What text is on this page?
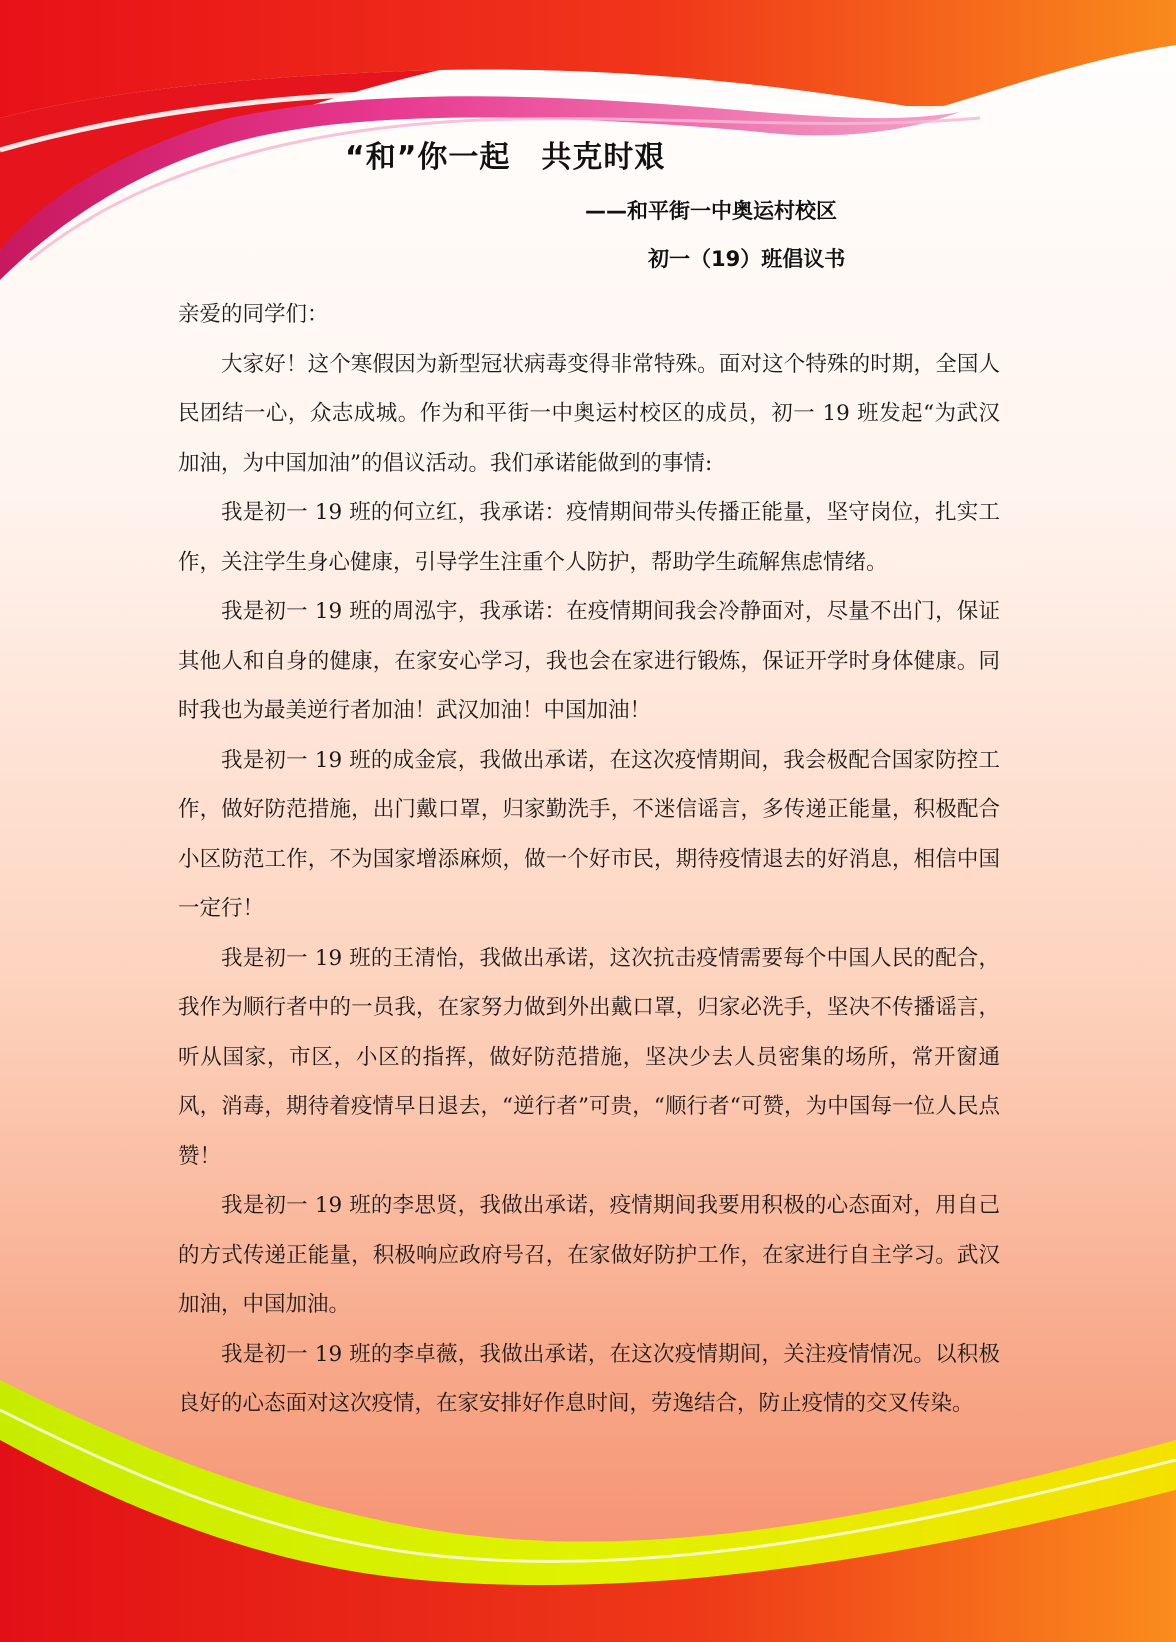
“和”你一起　共克时艰
——和平街一中奥运村校区
初一（19）班倡议书

亲爱的同学们：

大家好！这个寒假因为新型冠状病毒变得非常特殊。面对这个特殊的时期，全国人民团结一心，众志成城。作为和平街一中奥运村校区的成员，初一 19 班发起“为武汉加油，为中国加油”的倡议活动。我们承诺能做到的事情:

我是初一 19 班的何立红，我承诺：疫情期间带头传播正能量，坚守岗位，扎实工作，关注学生身心健康，引导学生注重个人防护，帮助学生疏解焦虑情绪。

我是初一 19 班的周泓宇，我承诺：在疫情期间我会冷静面对，尽量不出门，保证其他人和自身的健康，在家安心学习，我也会在家进行锻炼，保证开学时身体健康。同时我也为最美逆行者加油！武汉加油！中国加油！

我是初一 19 班的成金宸，我做出承诺，在这次疫情期间，我会极配合国家防控工作，做好防范措施，出门戴口罩，归家勤洗手，不迷信谣言，多传递正能量，积极配合小区防范工作，不为国家增添麻烦，做一个好市民，期待疫情退去的好消息，相信中国一定行！

我是初一 19 班的王清怡，我做出承诺，这次抗击疫情需要每个中国人民的配合，我作为顺行者中的一员我，在家努力做到外出戴口罩，归家必洗手，坚决不传播谣言，听从国家，市区，小区的指挥，做好防范措施，坚决少去人员密集的场所，常开窗通风，消毒，期待着疫情早日退去，“逆行者”可贵，“顺行者“可赞，为中国每一位人民点赞！

我是初一 19 班的李思贤，我做出承诺，疫情期间我要用积极的心态面对，用自己的方式传递正能量，积极响应政府号召，在家做好防护工作，在家进行自主学习。武汉加油，中国加油。

我是初一 19 班的李卓薇，我做出承诺，在这次疫情期间，关注疫情情况。以积极良好的心态面对这次疫情，在家安排好作息时间，劳逸结合，防止疫情的交叉传染。
